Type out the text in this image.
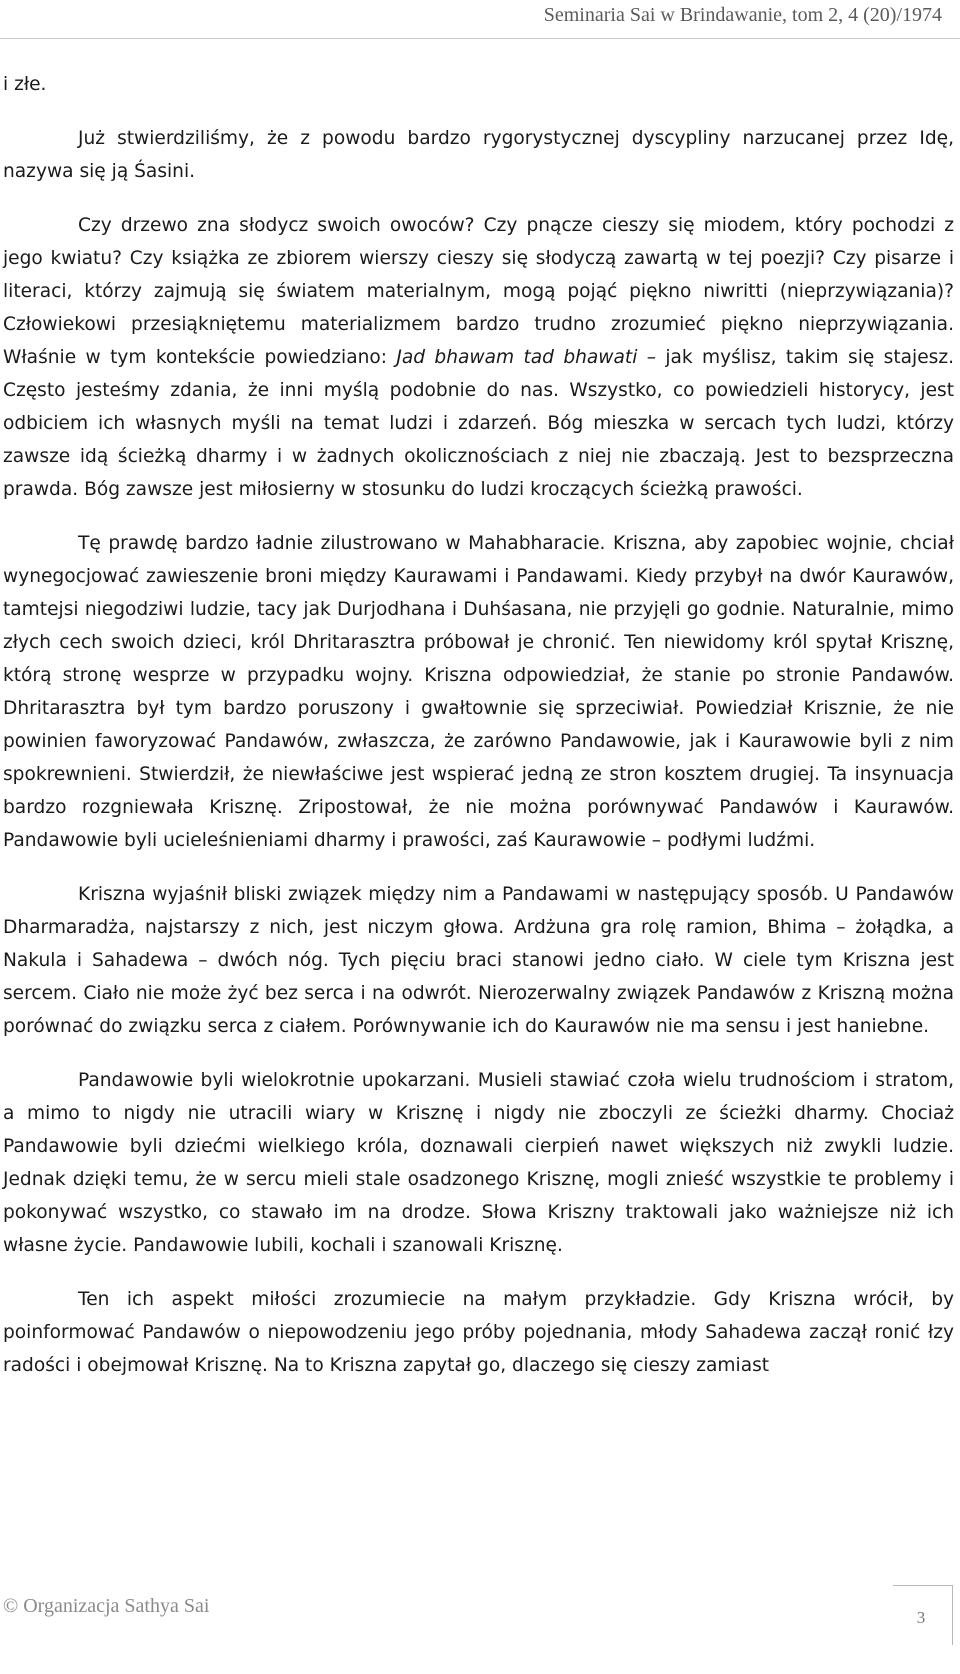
Seminaria Sai w Brindawanie, tom 2, 4 (20)/1974

i złe.

Już stwierdziliśmy, że z powodu bardzo rygorystycznej dyscypliny narzucanej przez Idę, nazywa się ją Śasini.

Czy drzewo zna słodycz swoich owoców? Czy pnącze cieszy się miodem, który pochodzi z jego kwiatu? Czy książka ze zbiorem wierszy cieszy się słodyczą zawartą w tej poezji? Czy pisarze i literaci, którzy zajmują się światem materialnym, mogą pojąć piękno niwritti (nieprzywiązania)? Człowiekowi przesiąkniętemu materializmem bardzo trudno zrozumieć piękno nieprzywiązania. Właśnie w tym kontekście powiedziano: Jad bhawam tad bhawati – jak myślisz, takim się stajesz. Często jesteśmy zdania, że inni myślą podobnie do nas. Wszystko, co powiedzieli historycy, jest odbiciem ich własnych myśli na temat ludzi i zdarzeń. Bóg mieszka w sercach tych ludzi, którzy zawsze idą ścieżką dharmy i w żadnych okolicznościach z niej nie zbaczają. Jest to bezsprzeczna prawda. Bóg zawsze jest miłosierny w stosunku do ludzi kroczących ścieżką prawości.

Tę prawdę bardzo ładnie zilustrowano w Mahabharacie. Kriszna, aby zapobiec wojnie, chciał wynegocjować zawieszenie broni między Kaurawami i Pandawami. Kiedy przybył na dwór Kaurawów, tamtejsi niegodziwi ludzie, tacy jak Durjodhana i Duhśasana, nie przyjęli go godnie. Naturalnie, mimo złych cech swoich dzieci, król Dhritarasztra próbował je chronić. Ten niewidomy król spytał Krisznę, którą stronę wesprze w przypadku wojny. Kriszna odpowiedział, że stanie po stronie Pandawów. Dhritarasztra był tym bardzo poruszony i gwałtownie się sprzeciwiał. Powiedział Krisznie, że nie powinien faworyzować Pandawów, zwłaszcza, że zarówno Pandawowie, jak i Kaurawowie byli z nim spokrewnieni. Stwierdził, że niewłaściwe jest wspierać jedną ze stron kosztem drugiej. Ta insynuacja bardzo rozgniewała Krisznę. Zripostował, że nie można porównywać Pandawów i Kaurawów. Pandawowie byli ucieleśnieniami dharmy i prawości, zaś Kaurawowie – podłymi ludźmi.

Kriszna wyjaśnił bliski związek między nim a Pandawami w następujący sposób. U Pandawów Dharmaradża, najstarszy z nich, jest niczym głowa. Ardżuna gra rolę ramion, Bhima – żołądka, a Nakula i Sahadewa – dwóch nóg. Tych pięciu braci stanowi jedno ciało. W ciele tym Kriszna jest sercem. Ciało nie może żyć bez serca i na odwrót. Nierozerwalny związek Pandawów z Kriszną można porównać do związku serca z ciałem. Porównywanie ich do Kaurawów nie ma sensu i jest haniebne.

Pandawowie byli wielokrotnie upokarzani. Musieli stawiać czoła wielu trudnościom i stratom, a mimo to nigdy nie utracili wiary w Krisznę i nigdy nie zboczyli ze ścieżki dharmy. Chociaż Pandawowie byli dziećmi wielkiego króla, doznawali cierpień nawet większych niż zwykli ludzie. Jednak dzięki temu, że w sercu mieli stale osadzonego Krisznę, mogli znieść wszystkie te problemy i pokonywać wszystko, co stawało im na drodze. Słowa Kriszny traktowali jako ważniejsze niż ich własne życie. Pandawowie lubili, kochali i szanowali Krisznę.

Ten ich aspekt miłości zrozumiecie na małym przykładzie. Gdy Kriszna wrócił, by poinformować Pandawów o niepowodzeniu jego próby pojednania, młody Sahadewa zaczął ronić łzy radości i obejmował Krisznę. Na to Kriszna zapytał go, dlaczego się cieszy zamiast

© Organizacja Sathya Sai
3
